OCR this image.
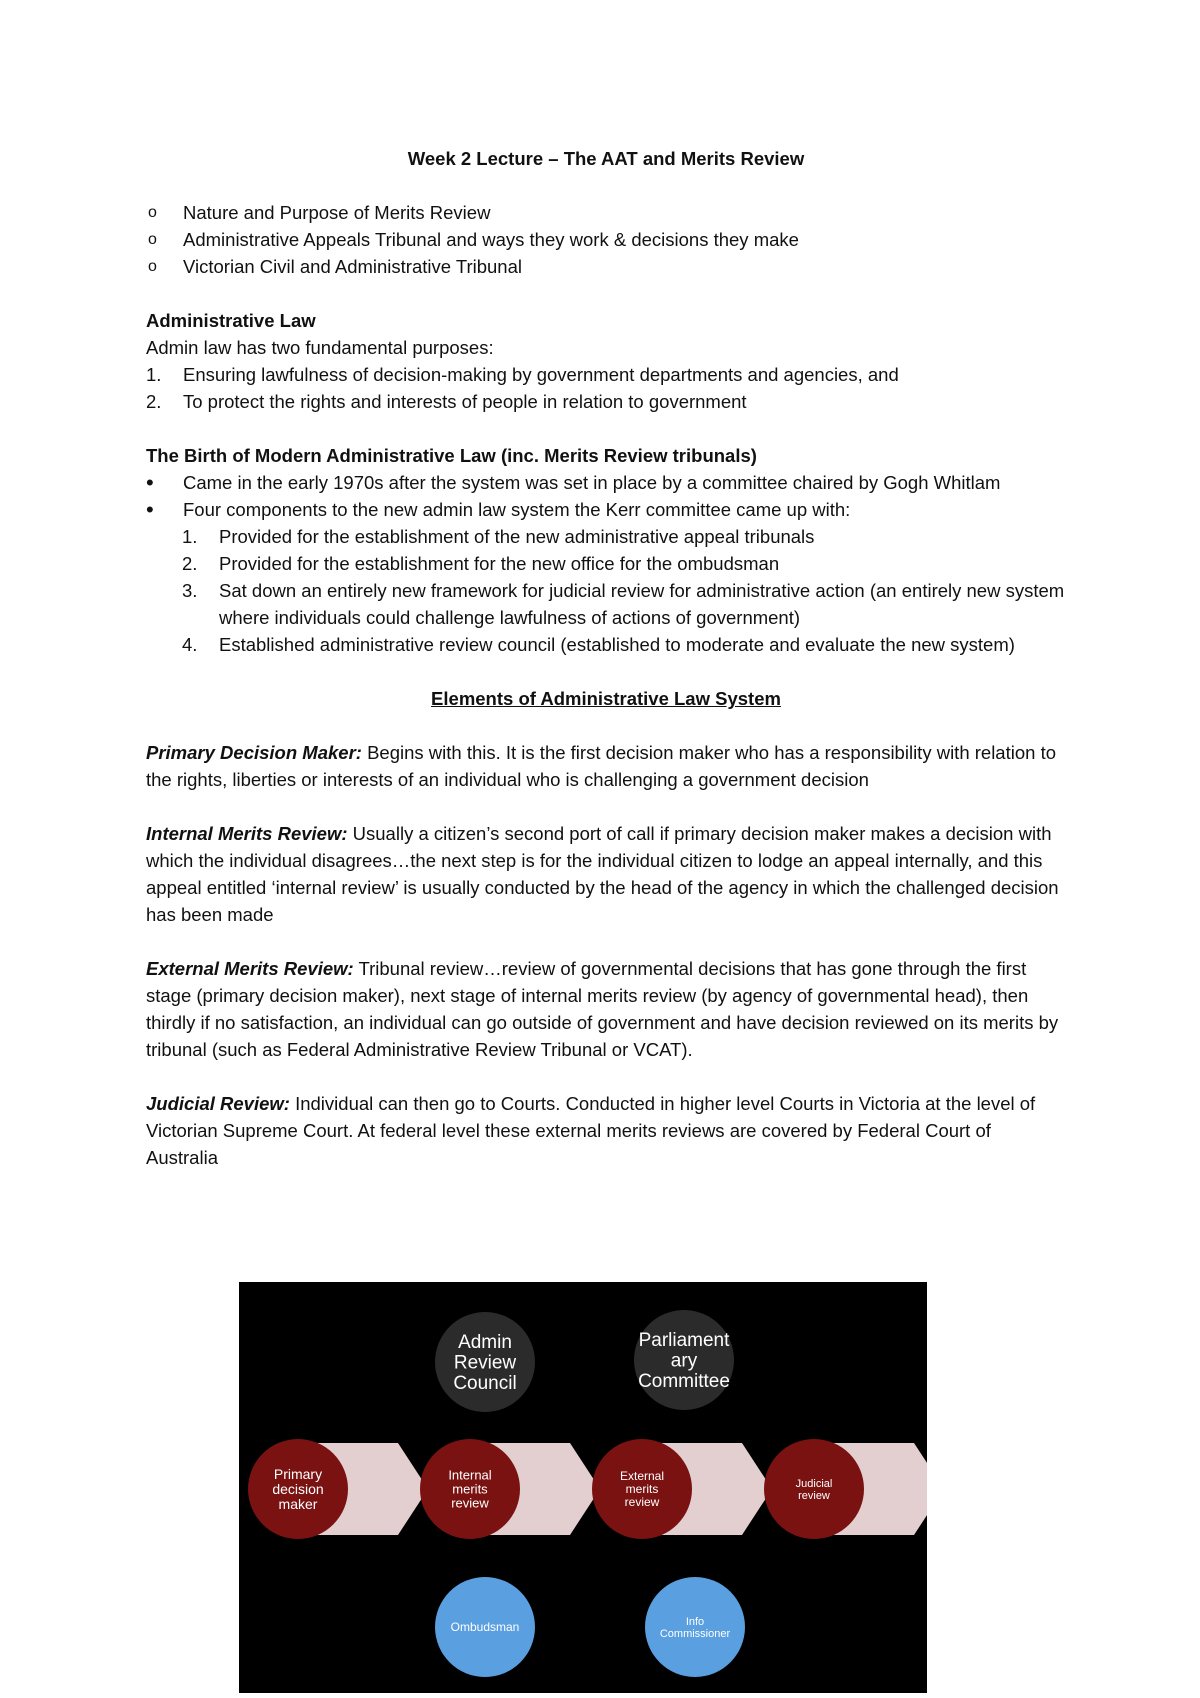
Week 2 Lecture – The AAT and Merits Review

o Nature and Purpose of Merits Review
o Administrative Appeals Tribunal and ways they work & decisions they make
o Victorian Civil and Administrative Tribunal

Administrative Law

Admin law has two fundamental purposes:

1. Ensuring lawfulness of decision-making by government departments and agencies, and
2. To protect the rights and interests of people in relation to government

The Birth of Modern Administrative Law (inc. Merits Review tribunals)

• Came in the early 1970s after the system was set in place by a committee chaired by Gogh Whitlam
• Four components to the new admin law system the Kerr committee came up with:
1. Provided for the establishment of the new administrative appeal tribunals
2. Provided for the establishment for the new office for the ombudsman
3. Sat down an entirely new framework for judicial review for administrative action (an entirely new system where individuals could challenge lawfulness of actions of government)
4. Established administrative review council (established to moderate and evaluate the new system)

Elements of Administrative Law System

Primary Decision Maker: Begins with this. It is the first decision maker who has a responsibility with relation to the rights, liberties or interests of an individual who is challenging a government decision

Internal Merits Review: Usually a citizen’s second port of call if primary decision maker makes a decision with which the individual disagrees…the next step is for the individual citizen to lodge an appeal internally, and this appeal entitled ‘internal review’ is usually conducted by the head of the agency in which the challenged decision has been made

External Merits Review: Tribunal review…review of governmental decisions that has gone through the first stage (primary decision maker), next stage of internal merits review (by agency of governmental head), then thirdly if no satisfaction, an individual can go outside of government and have decision reviewed on its merits by tribunal (such as Federal Administrative Review Tribunal or VCAT).

Judicial Review: Individual can then go to Courts. Conducted in higher level Courts in Victoria at the level of Victorian Supreme Court. At federal level these external merits reviews are covered by Federal Court of Australia

Admin Review Council
Parliament ary Committee
Primary decision maker
Internal merits review
External merits review
Judicial review
Ombudsman	Info Commissioner
